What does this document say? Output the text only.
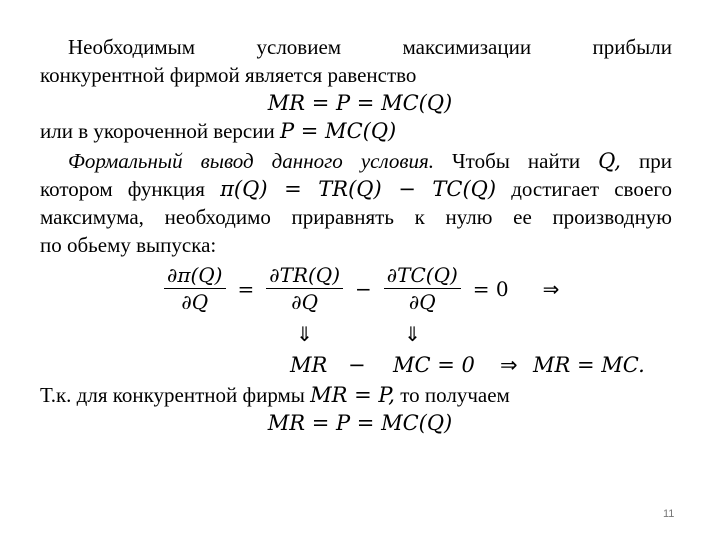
Необходимым условием максимизации прибыли
конкурентной фирмой является равенство
MR = P = MC(Q)
или в укороченной версии P = MC(Q)
Формальный вывод данного условия. Чтобы найти Q, при
котором функция π(Q) = TR(Q) − TC(Q) достигает своего
максимума, необходимо приравнять к нулю ее производную
по обьему выпуска:
$\frac{\partial\pi(Q)}{\partial Q} = \frac{\partial TR(Q)}{\partial Q} - \frac{\partial TC(Q)}{\partial Q} = 0$ ⇒
⇓	⇓
MR − MC = 0 ⇒ MR = MC.
Т.к. для конкурентной фирмы MR = P, то получаем
MR = P = MC(Q)
11
